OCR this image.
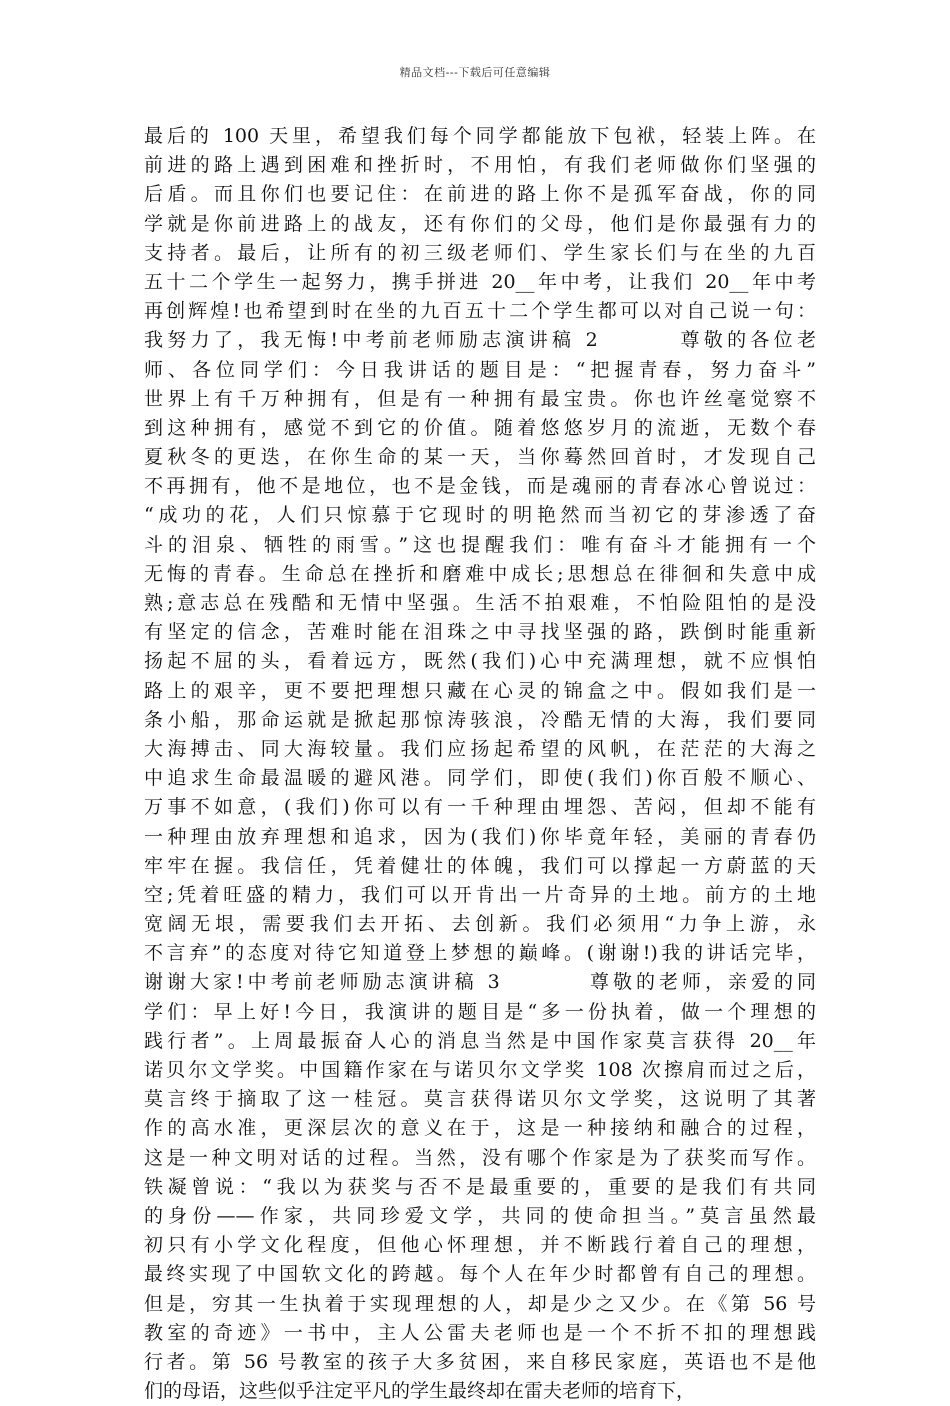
精品文档---下载后可任意编辑
最后的 100 天里，希望我们每个同学都能放下包袱，轻装上阵。在
前进的路上遇到困难和挫折时，不用怕，有我们老师做你们坚强的
后盾。而且你们也要记住：在前进的路上你不是孤军奋战，你的同
学就是你前进路上的战友，还有你们的父母，他们是你最强有力的
支持者。最后，让所有的初三级老师们、学生家长们与在坐的九百
五十二个学生一起努力，携手拼进 20__年中考，让我们 20__年中考
再创辉煌!也希望到时在坐的九百五十二个学生都可以对自己说一句：
我努力了，我无悔!中考前老师励志演讲稿 2        尊敬的各位老
师、各位同学们：今日我讲话的题目是：“把握青春，努力奋斗”
世界上有千万种拥有，但是有一种拥有最宝贵。你也许丝毫觉察不
到这种拥有，感觉不到它的价值。随着悠悠岁月的流逝，无数个春
夏秋冬的更迭，在你生命的某一天，当你蓦然回首时，才发现自己
不再拥有，他不是地位，也不是金钱，而是魂丽的青春冰心曾说过：
“成功的花，人们只惊慕于它现时的明艳然而当初它的芽渗透了奋
斗的泪泉、牺牲的雨雪。”这也提醒我们：唯有奋斗才能拥有一个
无悔的青春。生命总在挫折和磨难中成长;思想总在徘徊和失意中成
熟;意志总在残酷和无情中坚强。生活不拍艰难，不怕险阻怕的是没
有坚定的信念，苦难时能在泪珠之中寻找坚强的路，跌倒时能重新
扬起不屈的头，看着远方，既然(我们)心中充满理想，就不应惧怕
路上的艰辛，更不要把理想只藏在心灵的锦盒之中。假如我们是一
条小船，那命运就是掀起那惊涛骇浪，冷酷无情的大海，我们要同
大海搏击、同大海较量。我们应扬起希望的风帆，在茫茫的大海之
中追求生命最温暖的避风港。同学们，即使(我们)你百般不顺心、
万事不如意，(我们)你可以有一千种理由埋怨、苦闷，但却不能有
一种理由放弃理想和追求，因为(我们)你毕竟年轻，美丽的青春仍
牢牢在握。我信任，凭着健壮的体魄，我们可以撑起一方蔚蓝的天
空;凭着旺盛的精力，我们可以开肯出一片奇异的土地。前方的土地
宽阔无垠，需要我们去开拓、去创新。我们必须用“力争上游，永
不言弃”的态度对待它知道登上梦想的巅峰。(谢谢!)我的讲话完毕，
谢谢大家!中考前老师励志演讲稿 3         尊敬的老师，亲爱的同
学们：早上好!今日，我演讲的题目是“多一份执着，做一个理想的
践行者”。上周最振奋人心的消息当然是中国作家莫言获得 20__年
诺贝尔文学奖。中国籍作家在与诺贝尔文学奖 108 次擦肩而过之后，
莫言终于摘取了这一桂冠。莫言获得诺贝尔文学奖，这说明了其著
作的高水准，更深层次的意义在于，这是一种接纳和融合的过程，
这是一种文明对话的过程。当然，没有哪个作家是为了获奖而写作。
铁凝曾说：“我以为获奖与否不是最重要的，重要的是我们有共同
的身份——作家，共同珍爱文学，共同的使命担当。”莫言虽然最
初只有小学文化程度，但他心怀理想，并不断践行着自己的理想，
最终实现了中国软文化的跨越。每个人在年少时都曾有自己的理想。
但是，穷其一生执着于实现理想的人，却是少之又少。在《第 56 号
教室的奇迹》一书中，主人公雷夫老师也是一个不折不扣的理想践
行者。第 56 号教室的孩子大多贫困，来自移民家庭，英语也不是他
们的母语，这些似乎注定平凡的学生最终却在雷夫老师的培育下，
